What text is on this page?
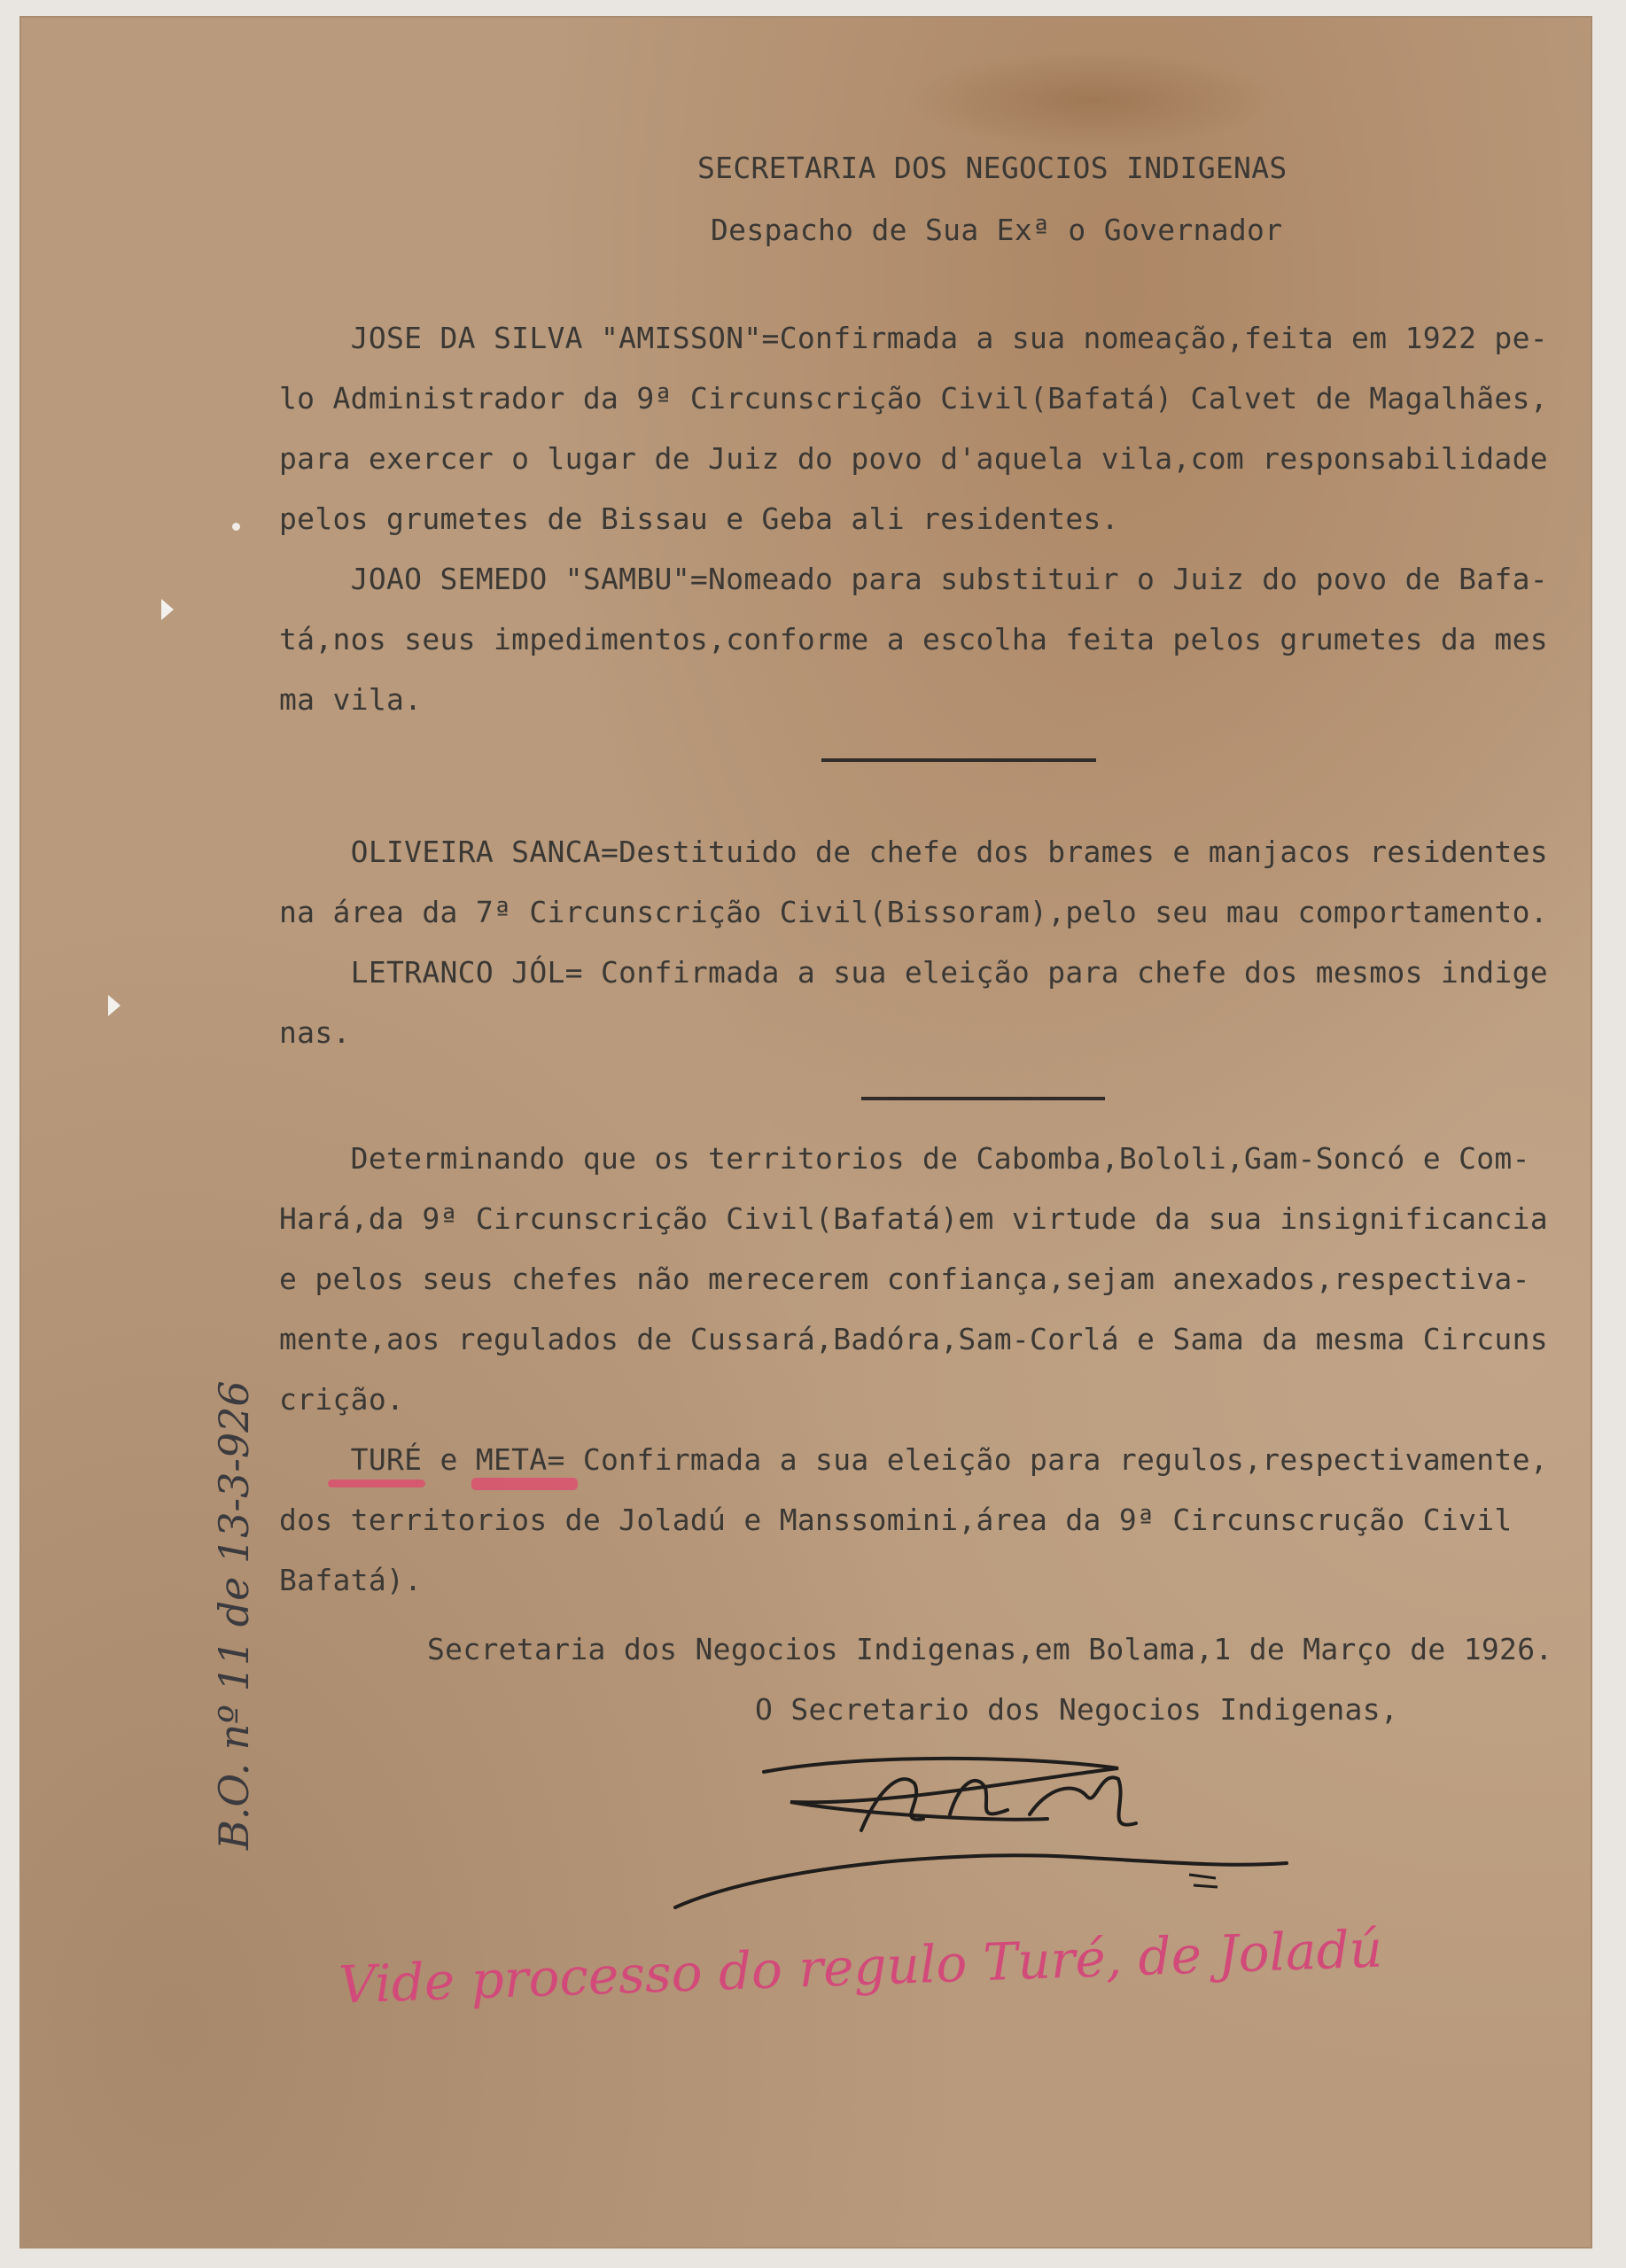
SECRETARIA DOS NEGOCIOS INDIGENAS
Despacho de Sua Exª o Governador
JOSE DA SILVA "AMISSON"=Confirmada a sua nomeação,feita em 1922 pe-
lo Administrador da 9ª Circunscrição Civil(Bafatá) Calvet de Magalhães,
para exercer o lugar de Juiz do povo d'aquela vila,com responsabilidade
pelos grumetes de Bissau e Geba ali residentes.
JOAO SEMEDO "SAMBU"=Nomeado para substituir o Juiz do povo de Bafa-
tá,nos seus impedimentos,conforme a escolha feita pelos grumetes da mes
ma vila.
OLIVEIRA SANCA=Destituido de chefe dos brames e manjacos residentes
na área da 7ª Circunscrição Civil(Bissoram),pelo seu mau comportamento.
LETRANCO JÓL= Confirmada a sua eleição para chefe dos mesmos indige
nas.
Determinando que os territorios de Cabomba,Bololi,Gam-Soncó e Com-
Hará,da 9ª Circunscrição Civil(Bafatá)em virtude da sua insignificancia
e pelos seus chefes não merecerem confiança,sejam anexados,respectiva-
mente,aos regulados de Cussará,Badóra,Sam-Corlá e Sama da mesma Circuns
crição.
TURÉ e META= Confirmada a sua eleição para regulos,respectivamente,
dos territorios de Joladú e Manssomini,área da 9ª Circunscrução Civil
Bafatá).
Secretaria dos Negocios Indigenas,em Bolama,1 de Março de 1926.
O Secretario dos Negocios Indigenas,
B.O. nº 11 de 13-3-926
Vide processo do regulo Turé, de Joladú
